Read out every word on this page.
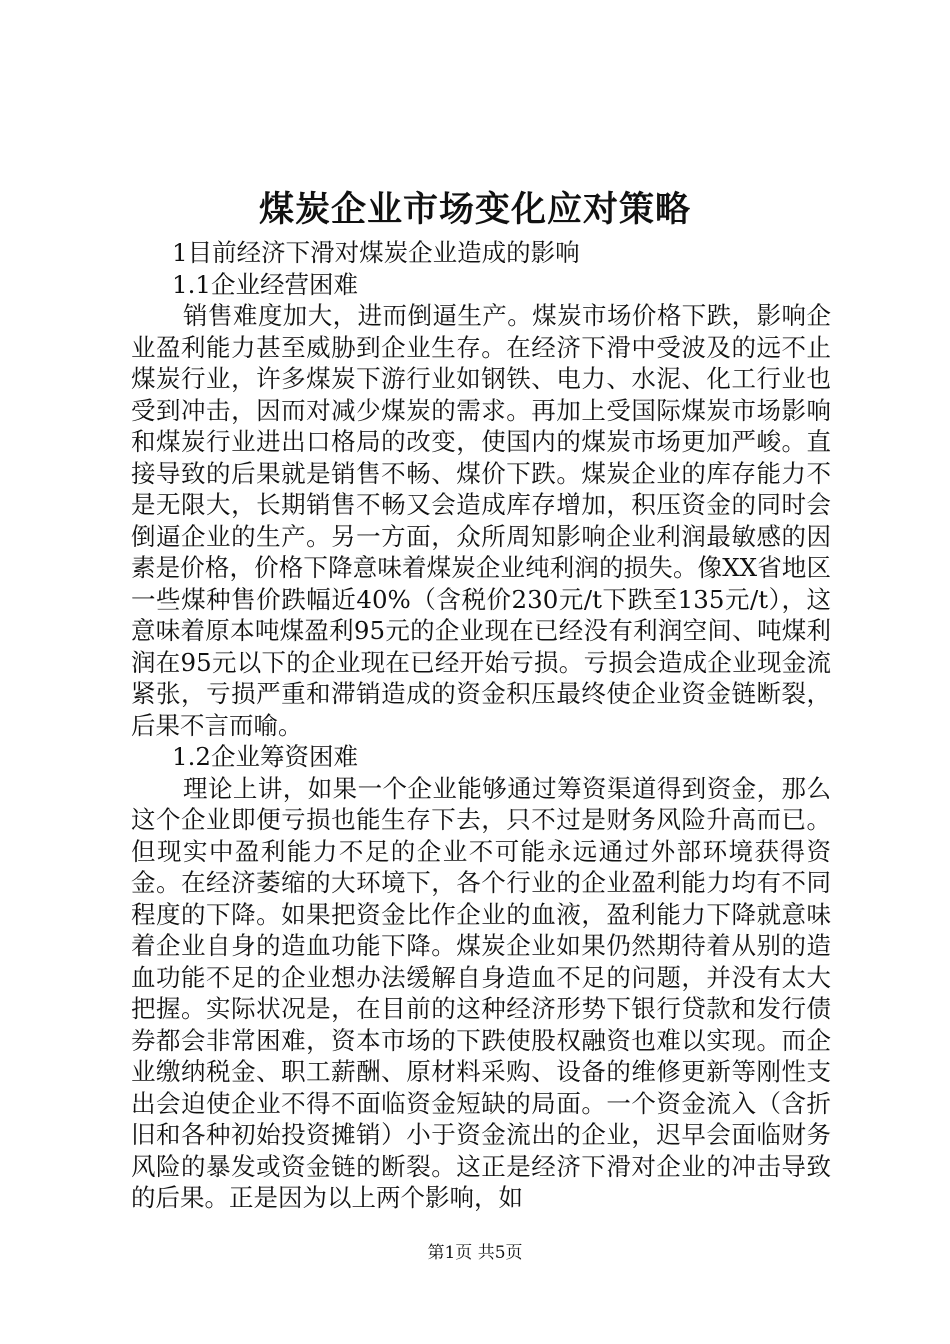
煤炭企业市场变化应对策略

1目前经济下滑对煤炭企业造成的影响

1.1企业经营困难

销售难度加大，进而倒逼生产。煤炭市场价格下跌，影响企业盈利能力甚至威胁到企业生存。在经济下滑中受波及的远不止煤炭行业，许多煤炭下游行业如钢铁、电力、水泥、化工行业也受到冲击，因而对减少煤炭的需求。再加上受国际煤炭市场影响和煤炭行业进出口格局的改变，使国内的煤炭市场更加严峻。直接导致的后果就是销售不畅、煤价下跌。煤炭企业的库存能力不是无限大，长期销售不畅又会造成库存增加，积压资金的同时会倒逼企业的生产。另一方面，众所周知影响企业利润最敏感的因素是价格，价格下降意味着煤炭企业纯利润的损失。像XX省地区一些煤种售价跌幅近40%（含税价230元/t下跌至135元/t），这意味着原本吨煤盈利95元的企业现在已经没有利润空间、吨煤利润在95元以下的企业现在已经开始亏损。亏损会造成企业现金流紧张，亏损严重和滞销造成的资金积压最终使企业资金链断裂，后果不言而喻。

1.2企业筹资困难

理论上讲，如果一个企业能够通过筹资渠道得到资金，那么这个企业即便亏损也能生存下去，只不过是财务风险升高而已。但现实中盈利能力不足的企业不可能永远通过外部环境获得资金。在经济萎缩的大环境下，各个行业的企业盈利能力均有不同程度的下降。如果把资金比作企业的血液，盈利能力下降就意味着企业自身的造血功能下降。煤炭企业如果仍然期待着从别的造血功能不足的企业想办法缓解自身造血不足的问题，并没有太大把握。实际状况是，在目前的这种经济形势下银行贷款和发行债券都会非常困难，资本市场的下跌使股权融资也难以实现。而企业缴纳税金、职工薪酬、原材料采购、设备的维修更新等刚性支出会迫使企业不得不面临资金短缺的局面。一个资金流入（含折旧和各种初始投资摊销）小于资金流出的企业，迟早会面临财务风险的暴发或资金链的断裂。这正是经济下滑对企业的冲击导致的后果。正是因为以上两个影响，如

第1页 共5页
